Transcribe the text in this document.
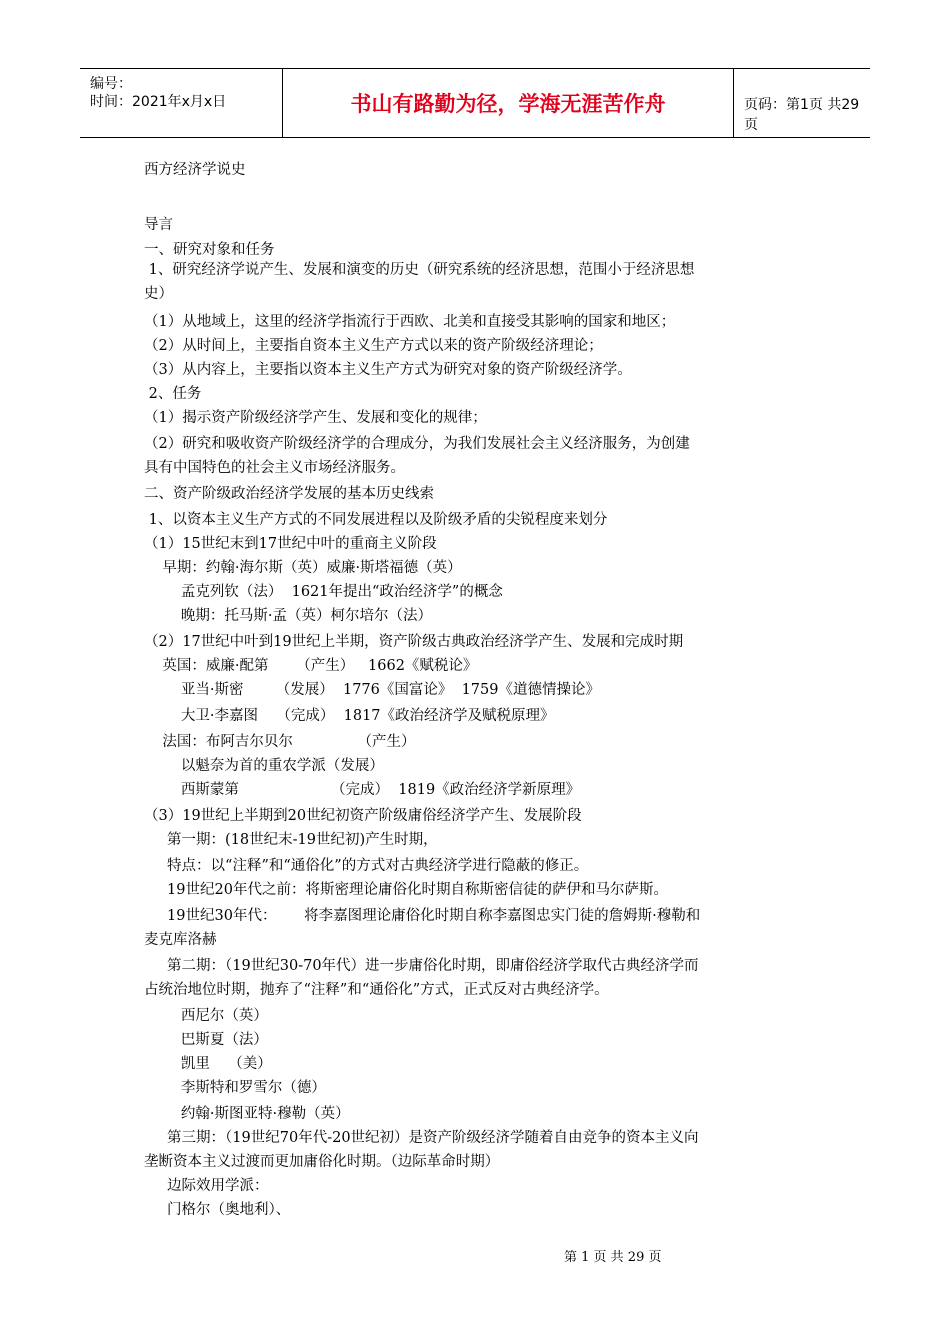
编号：
时间：2021年x月x日	书山有路勤为径，学海无涯苦作舟	页码：第1页 共29页
西方经济学说史
导言
一、研究对象和任务
1、研究经济学说产生、发展和演变的历史（研究系统的经济思想，范围小于经济思想
史）
（1）从地域上，这里的经济学指流行于西欧、北美和直接受其影响的国家和地区；
（2）从时间上，主要指自资本主义生产方式以来的资产阶级经济理论；
（3）从内容上，主要指以资本主义生产方式为研究对象的资产阶级经济学。
2、任务
（1）揭示资产阶级经济学产生、发展和变化的规律；
（2）研究和吸收资产阶级经济学的合理成分，为我们发展社会主义经济服务，为创建
具有中国特色的社会主义市场经济服务。
二、资产阶级政治经济学发展的基本历史线索
1、以资本主义生产方式的不同发展进程以及阶级矛盾的尖锐程度来划分
（1）15世纪末到17世纪中叶的重商主义阶段
早期：约翰·海尔斯（英）威廉·斯塔福德（英）
孟克列钦（法）  1621年提出“政治经济学”的概念
晚期：托马斯·孟（英）柯尔培尔（法）
（2）17世纪中叶到19世纪上半期，资产阶级古典政治经济学产生、发展和完成时期
英国：威廉·配第      （产生）   1662《赋税论》
亚当·斯密       （发展）  1776《国富论》  1759《道德情操论》
大卫·李嘉图    （完成）  1817《政治经济学及赋税原理》
法国：布阿吉尔贝尔              （产生）
以魁奈为首的重农学派（发展）
西斯蒙第                    （完成）  1819《政治经济学新原理》
（3）19世纪上半期到20世纪初资产阶级庸俗经济学产生、发展阶段
第一期：(18世纪末-19世纪初)产生时期，
特点：以“注释”和“通俗化”的方式对古典经济学进行隐蔽的修正。
19世纪20年代之前：将斯密理论庸俗化时期自称斯密信徒的萨伊和马尔萨斯。
19世纪30年代：      将李嘉图理论庸俗化时期自称李嘉图忠实门徒的詹姆斯·穆勒和
麦克库洛赫
第二期：（19世纪30-70年代）进一步庸俗化时期，即庸俗经济学取代古典经济学而
占统治地位时期，抛弃了“注释”和“通俗化”方式，正式反对古典经济学。
西尼尔（英）
巴斯夏（法）
凯里    （美）
李斯特和罗雪尔（德）
约翰·斯图亚特·穆勒（英）
第三期：（19世纪70年代-20世纪初）是资产阶级经济学随着自由竞争的资本主义向
垄断资本主义过渡而更加庸俗化时期。（边际革命时期）
边际效用学派：
门格尔（奥地利）、
第 1 页 共 29 页
